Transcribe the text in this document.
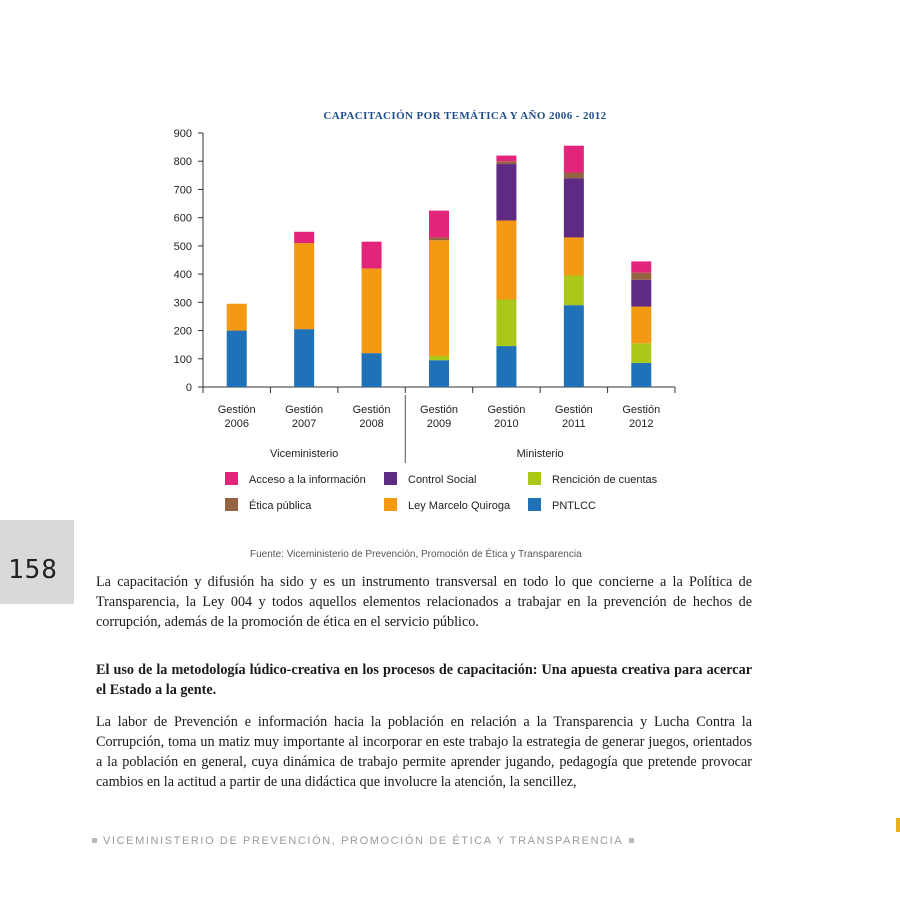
CAPACITACIÓN POR TEMÁTICA Y AÑO 2006 - 2012
0
100
200
300
400
500
600
700
800
900
Gestión
2006
Gestión
2007
Gestión
2008
Gestión
2009
Gestión
2010
Gestión
2011
Gestión
2012
Viceministerio	Ministerio
Acceso a la información	Control Social	Rencición de cuentas
Ética pública	Ley Marcelo Quiroga	PNTLCC
Fuente: Viceministerio de Prevención, Promoción de Ética y Transparencia
158	La capacitación y difusión ha sido y es un instrumento transversal en todo lo que concierne a la Política de Transparencia, la Ley 004 y todos aquellos elementos relacionados a trabajar en la prevención de hechos de corrupción, además de la promoción de ética en el servicio público.

El uso de la metodología lúdico-creativa en los procesos de capacitación: Una apuesta creativa para acercar el Estado a la gente.

La labor de Prevención e información hacia la población en relación a la Transparencia y Lucha Contra la Corrupción, toma un matiz muy importante al incorporar en este trabajo la estrategia de generar juegos, orientados a la población en general, cuya dinámica de trabajo permite aprender jugando, pedagogía que pretende provocar cambios en la actitud a partir de una didáctica que involucre la atención, la sencillez,

VICEMINISTERIO DE PREVENCIÓN, PROMOCIÓN DE ÉTICA Y TRANSPARENCIA
